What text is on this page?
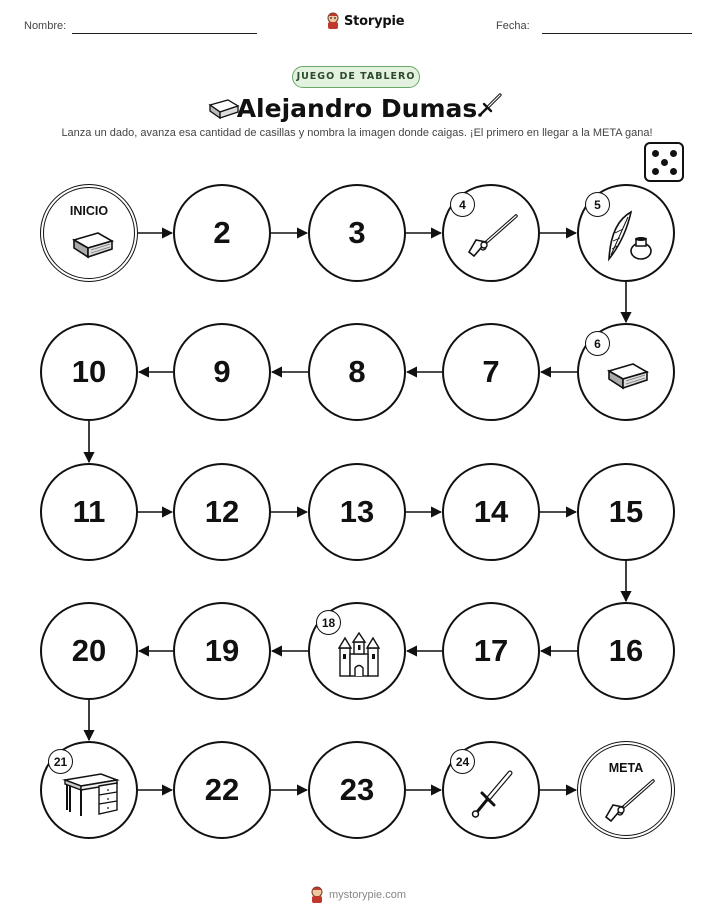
Nombre:	Storypie	Fecha:
JUEGO DE TABLERO
Alejandro Dumas
Lanza un dado, avanza esa cantidad de casillas y nombra la imagen donde caigas. ¡El primero en llegar a la META gana!
INICIO
2	3
4	5
6
7
8
9
10
11	12	13	14	15
16
17
18
19
20
21
22	23
24	META
mystorypie.com
